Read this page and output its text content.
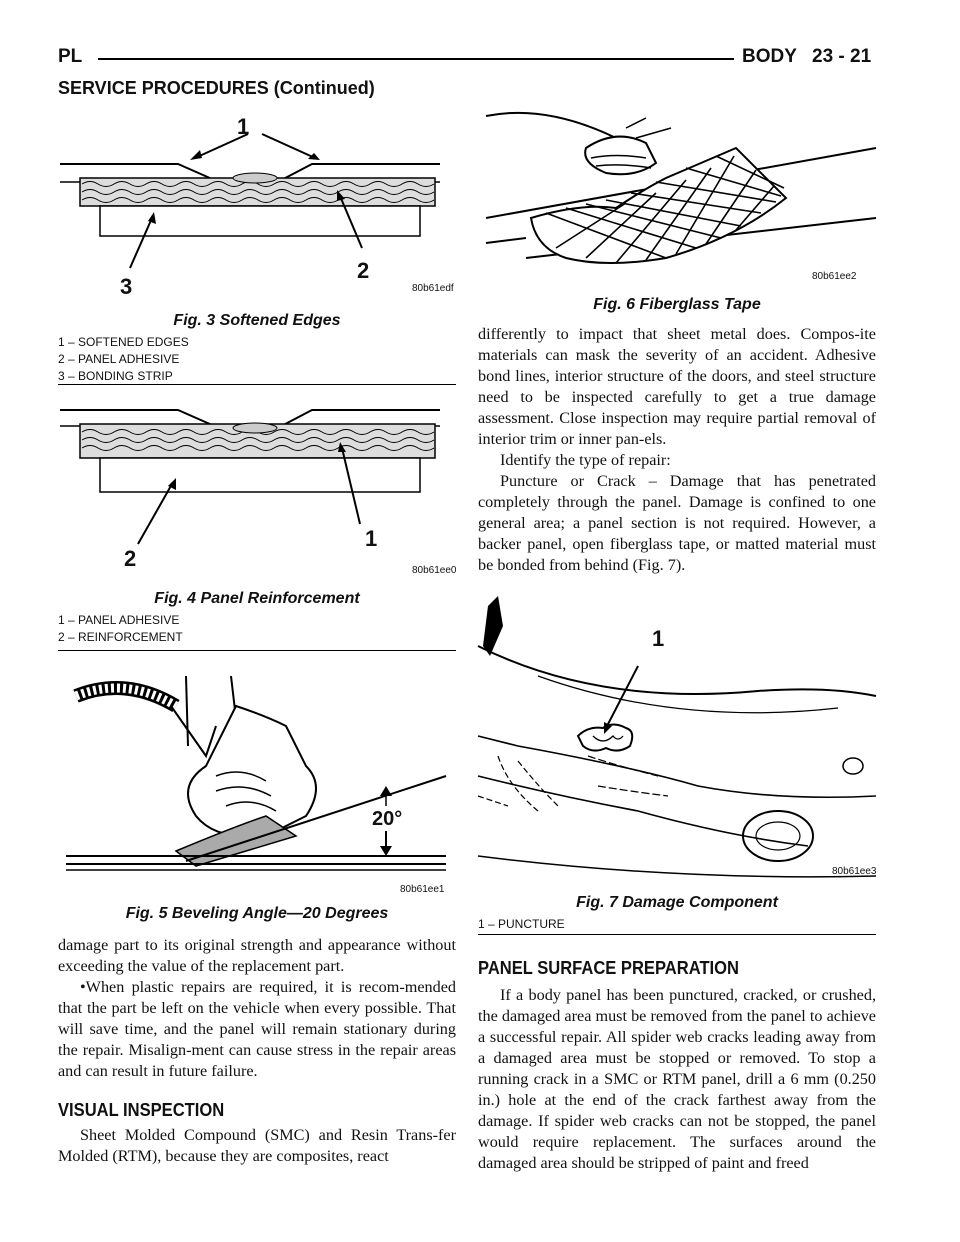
PL	BODY 23 - 21
SERVICE PROCEDURES (Continued)
1
2
3	80b61edf
Fig. 3 Softened Edges
1 – SOFTENED EDGES
2 – PANEL ADHESIVE
3 – BONDING STRIP
1
2	80b61ee0
Fig. 4 Panel Reinforcement
1 – PANEL ADHESIVE
2 – REINFORCEMENT
20°
80b61ee1
Fig. 5 Beveling Angle—20 Degrees

damage part to its original strength and appearance without exceeding the value of the replacement part.

•When plastic repairs are required, it is recom-mended that the part be left on the vehicle when every possible. That will save time, and the panel will remain stationary during the repair. Misalign-ment can cause stress in the repair areas and can result in future failure.
VISUAL INSPECTION

Sheet Molded Compound (SMC) and Resin Trans-fer Molded (RTM), because they are composites, react

80b61ee2
Fig. 6 Fiberglass Tape

differently to impact that sheet metal does. Compos-ite materials can mask the severity of an accident. Adhesive bond lines, interior structure of the doors, and steel structure need to be inspected carefully to get a true damage assessment. Close inspection may require partial removal of interior trim or inner pan-els.

Identify the type of repair:

Puncture or Crack – Damage that has penetrated completely through the panel. Damage is confined to one general area; a panel section is not required. However, a backer panel, open fiberglass tape, or matted material must be bonded from behind (Fig. 7).

1
80b61ee3
Fig. 7 Damage Component
1 – PUNCTURE
PANEL SURFACE PREPARATION

If a body panel has been punctured, cracked, or crushed, the damaged area must be removed from the panel to achieve a successful repair. All spider web cracks leading away from a damaged area must be stopped or removed. To stop a running crack in a SMC or RTM panel, drill a 6 mm (0.250 in.) hole at the end of the crack farthest away from the damage. If spider web cracks can not be stopped, the panel would require replacement. The surfaces around the damaged area should be stripped of paint and freed
